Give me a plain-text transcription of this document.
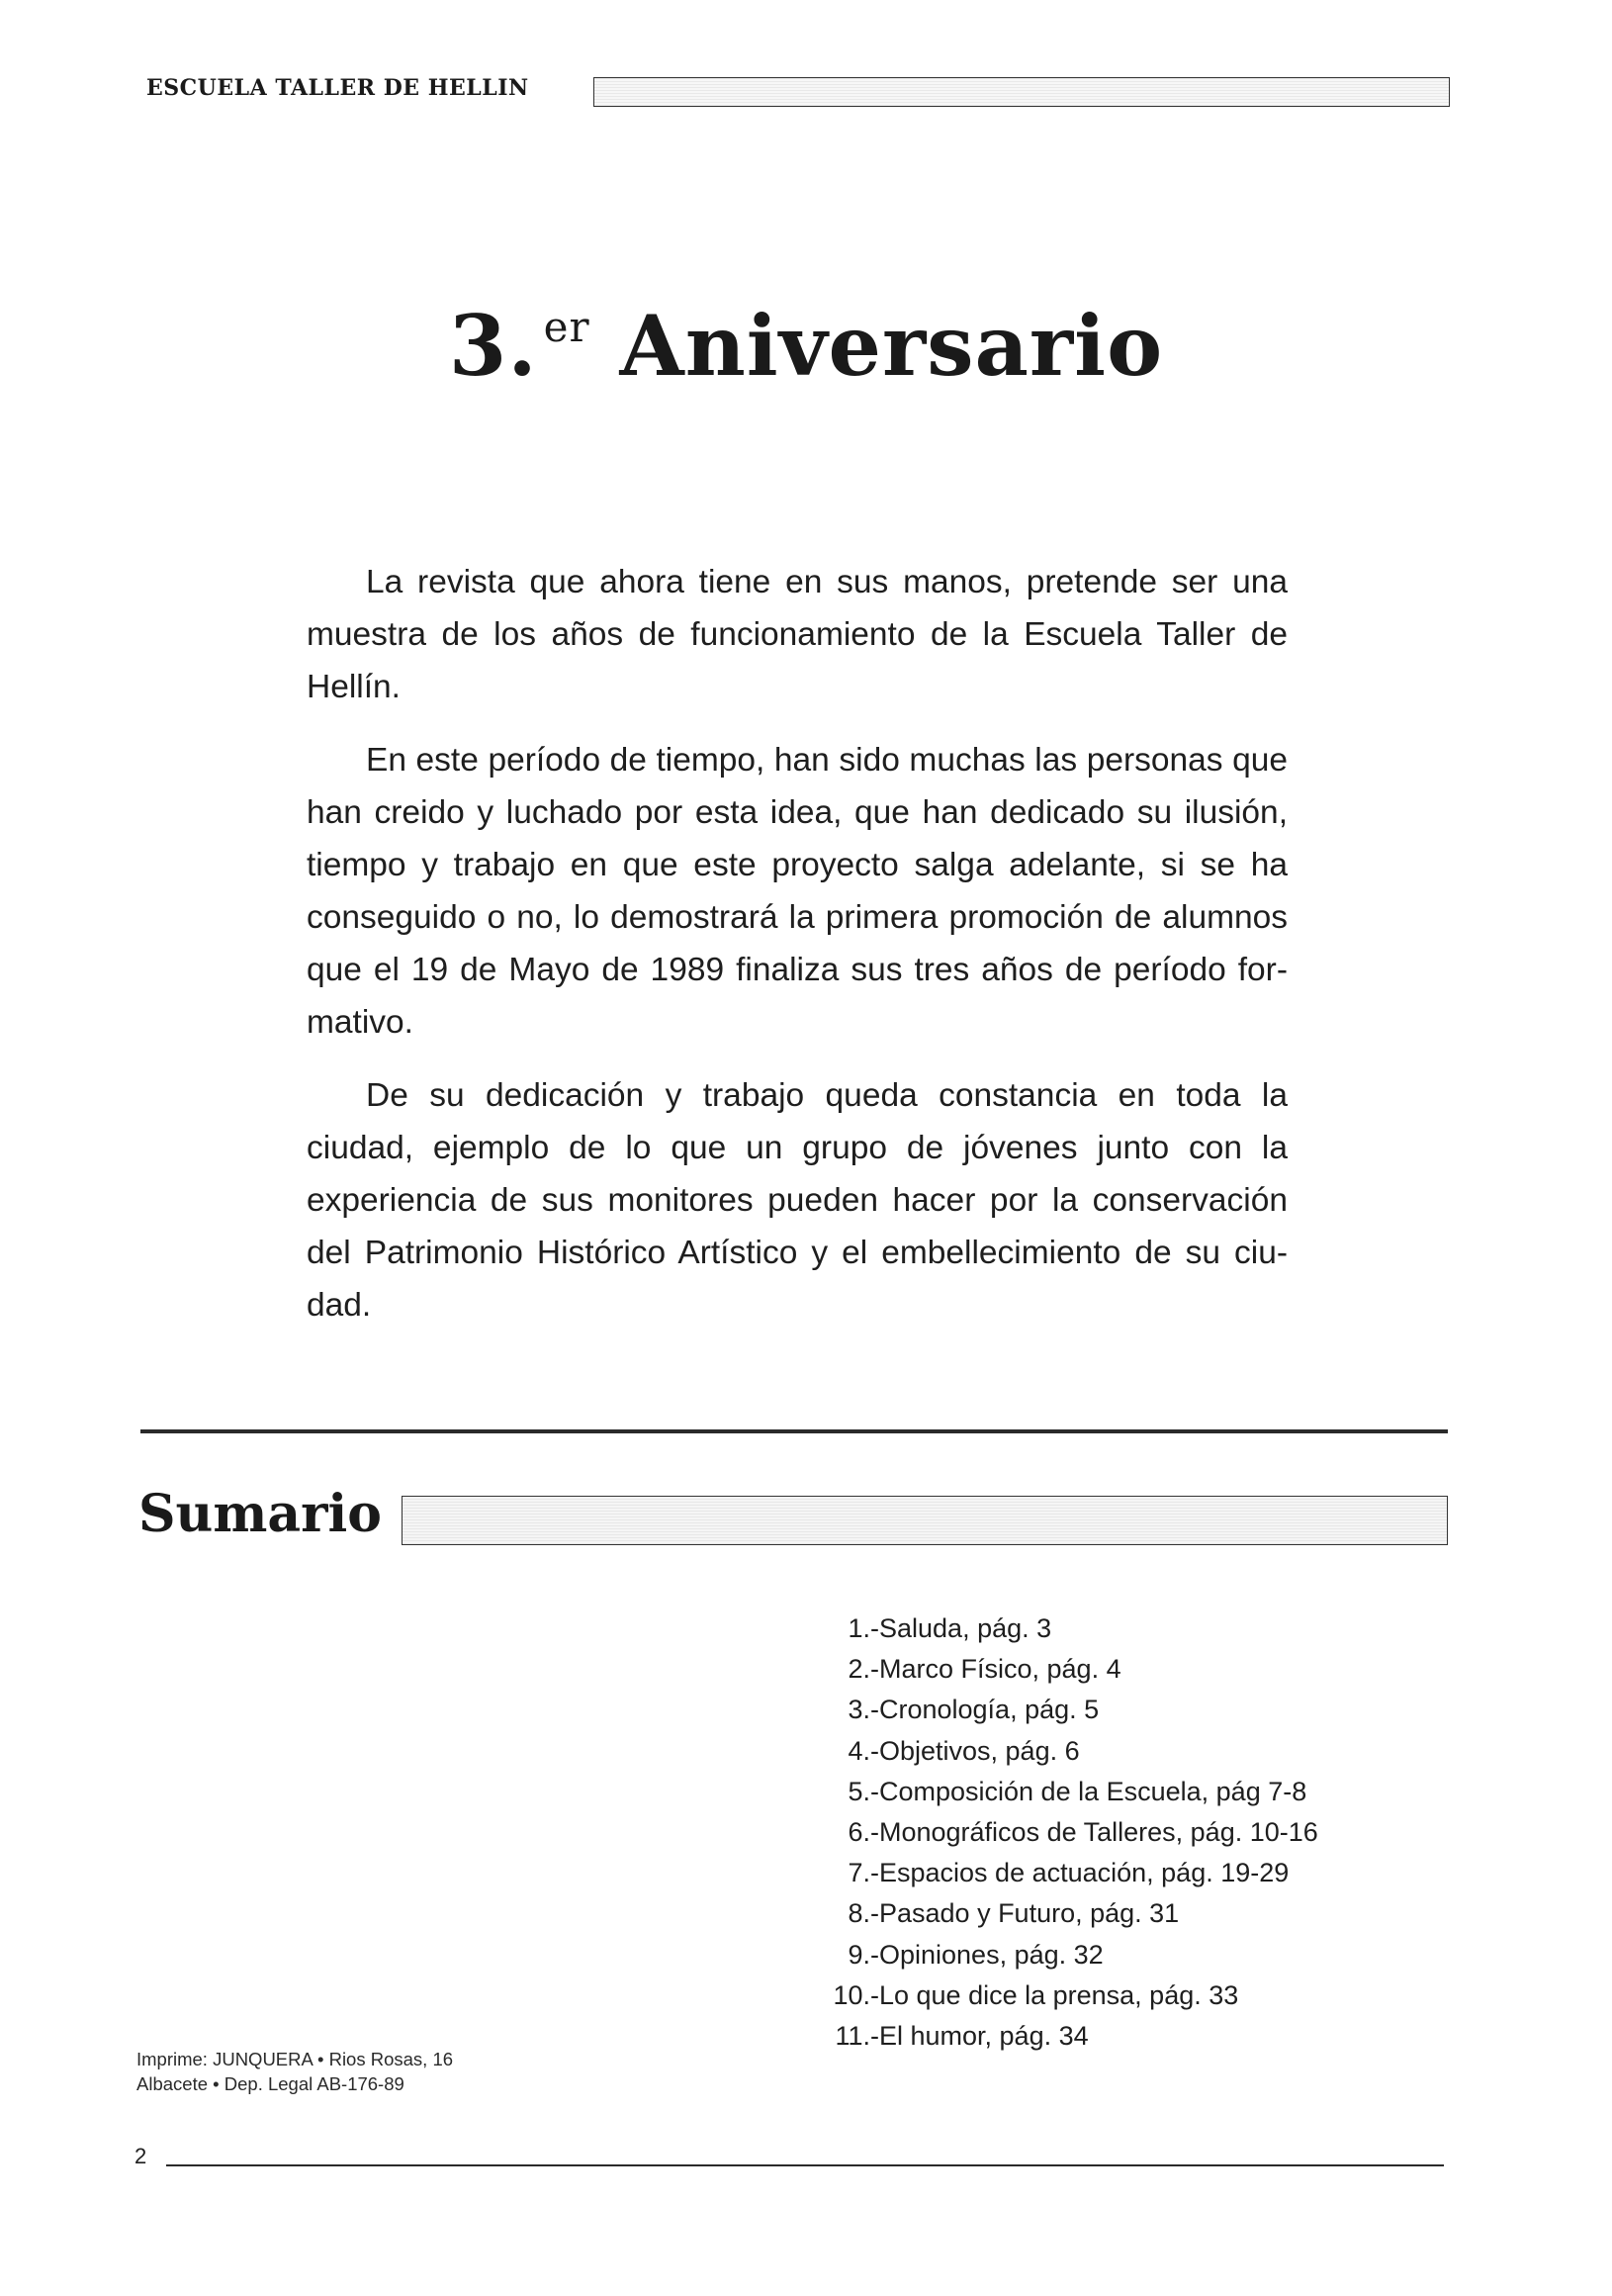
ESCUELA TALLER DE HELLIN
3. $^{er}$ Aniversario

La revista que ahora tiene en sus manos, pretende ser una muestra de los años de funcionamiento de la Escuela Taller de Hellín.

En este período de tiempo, han sido muchas las personas que han creido y luchado por esta idea, que han dedicado su ilusión, tiempo y trabajo en que este proyecto salga adelante, si se ha conseguido o no, lo demostrará la primera promoción de alumnos que el 19 de Mayo de 1989 finaliza sus tres años de período formativo.

De su dedicación y trabajo queda constancia en toda la ciudad, ejemplo de lo que un grupo de jóvenes junto con la experiencia de sus monitores pueden hacer por la conservación del Patrimonio Histórico Artístico y el embellecimiento de su ciudad.

Sumario
1.-Saluda, pág. 3
2.-Marco Físico, pág. 4
3.-Cronología, pág. 5
4.-Objetivos, pág. 6
5.-Composición de la Escuela, pág 7-8
6.-Monográficos de Talleres, pág. 10-16
7.-Espacios de actuación, pág. 19-29
8.-Pasado y Futuro, pág. 31
9.-Opiniones, pág. 32
10.-Lo que dice la prensa, pág. 33
11.-El humor, pág. 34
Imprime: JUNQUERA • Rios Rosas, 16
Albacete • Dep. Legal AB-176-89
2
